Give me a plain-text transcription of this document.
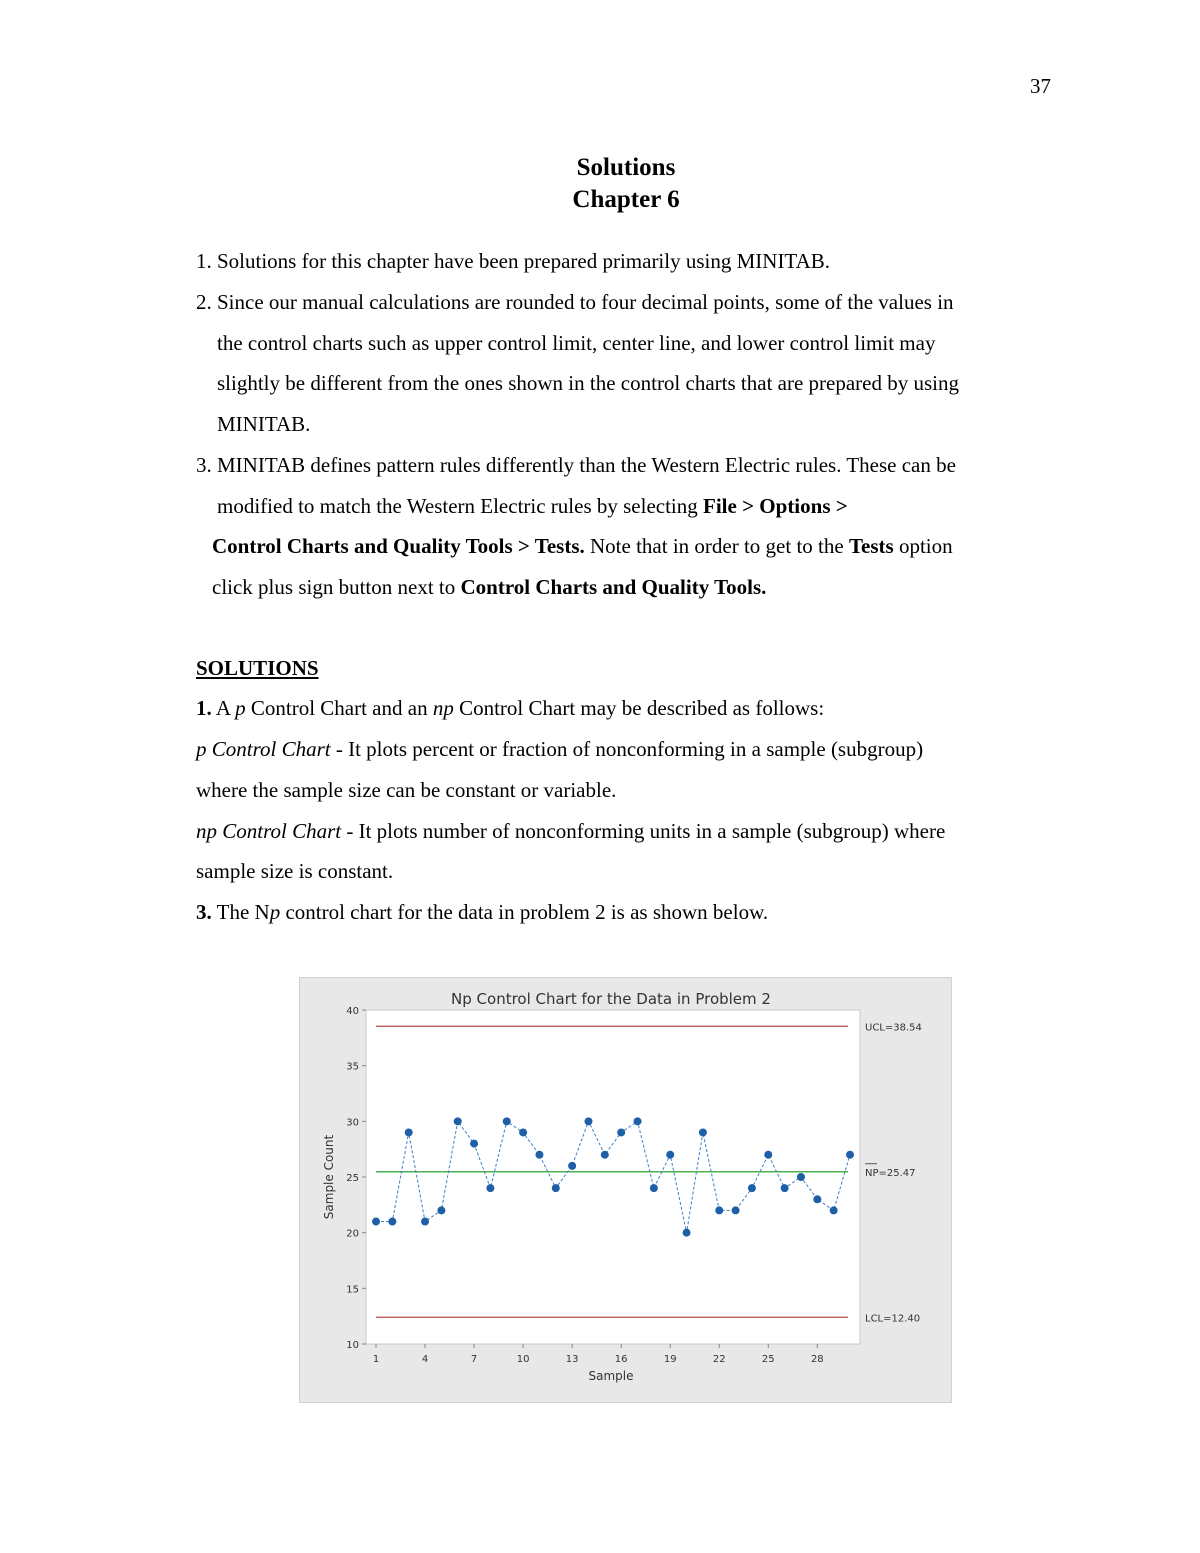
37
Solutions
Chapter 6
1. Solutions for this chapter have been prepared primarily using MINITAB.
2. Since our manual calculations are rounded to four decimal points, some of the values in
the control charts such as upper control limit, center line, and lower control limit may
slightly be different from the ones shown in the control charts that are prepared by using
MINITAB.
3. MINITAB defines pattern rules differently than the Western Electric rules. These can be
modified to match the Western Electric rules by selecting File > Options >
Control Charts and Quality Tools > Tests. Note that in order to get to the Tests option
click plus sign button next to Control Charts and Quality Tools.
SOLUTIONS
1. A p Control Chart and an np Control Chart may be described as follows:
p Control Chart - It plots percent or fraction of nonconforming in a sample (subgroup)
where the sample size can be constant or variable.
np Control Chart - It plots number of nonconforming units in a sample (subgroup) where
sample size is constant.
3. The Np control chart for the data in problem 2 is as shown below.
Np Control Chart for the Data in Problem 2
10
15
20
25
30
35
40
1	4	7	10	13	16	19	22	25	28
Sample
Sample Count
UCL=38.54
NP=25.47
LCL=12.40
